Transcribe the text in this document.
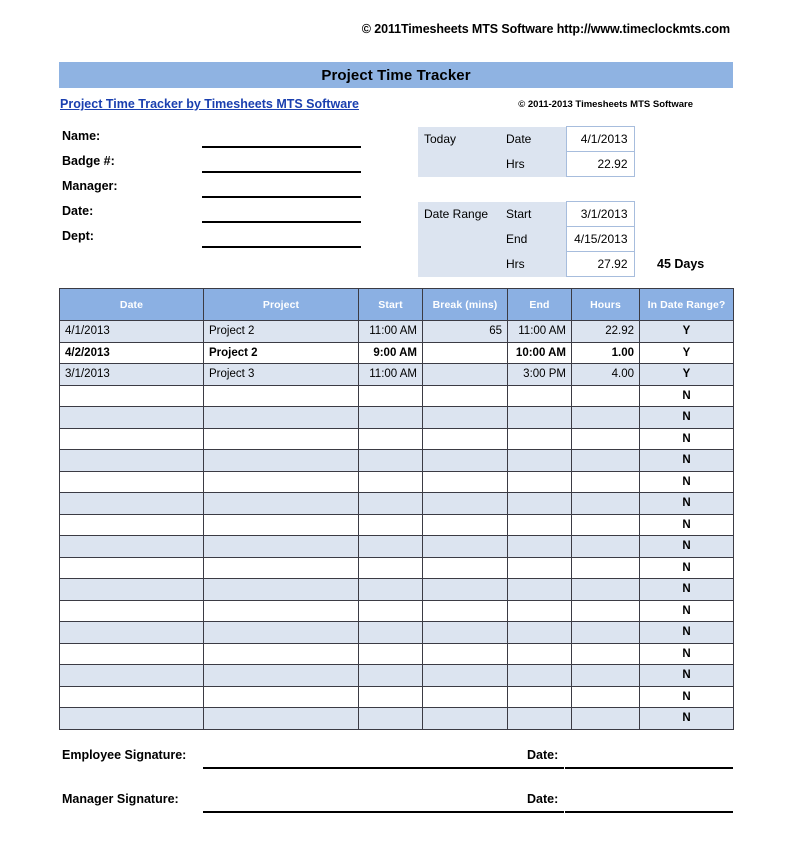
© 2011Timesheets MTS Software http://www.timeclockmts.com
Project Time Tracker
Project Time Tracker by Timesheets MTS Software	© 2011-2013 Timesheets MTS Software
Name:
Badge #:
Manager:
Date:
Dept:
Today	Date	4/1/2013
	Hrs	22.92
Date Range	Start	3/1/2013
	End	4/15/2013
	Hrs	27.92 45 Days
Date	Project	Start	Break (mins)	End	Hours	In Date Range?
4/1/2013	Project 2	11:00 AM	65	11:00 AM	22.92	Y
4/2/2013	Project 2	9:00 AM		10:00 AM	1.00	Y
3/1/2013	Project 3	11:00 AM		3:00 PM	4.00	Y
						N
						N
						N
						N
						N
						N
						N
						N
						N
						N
						N
						N
						N
						N
						N
						N
Employee Signature:	Date:
Manager Signature:	Date:
